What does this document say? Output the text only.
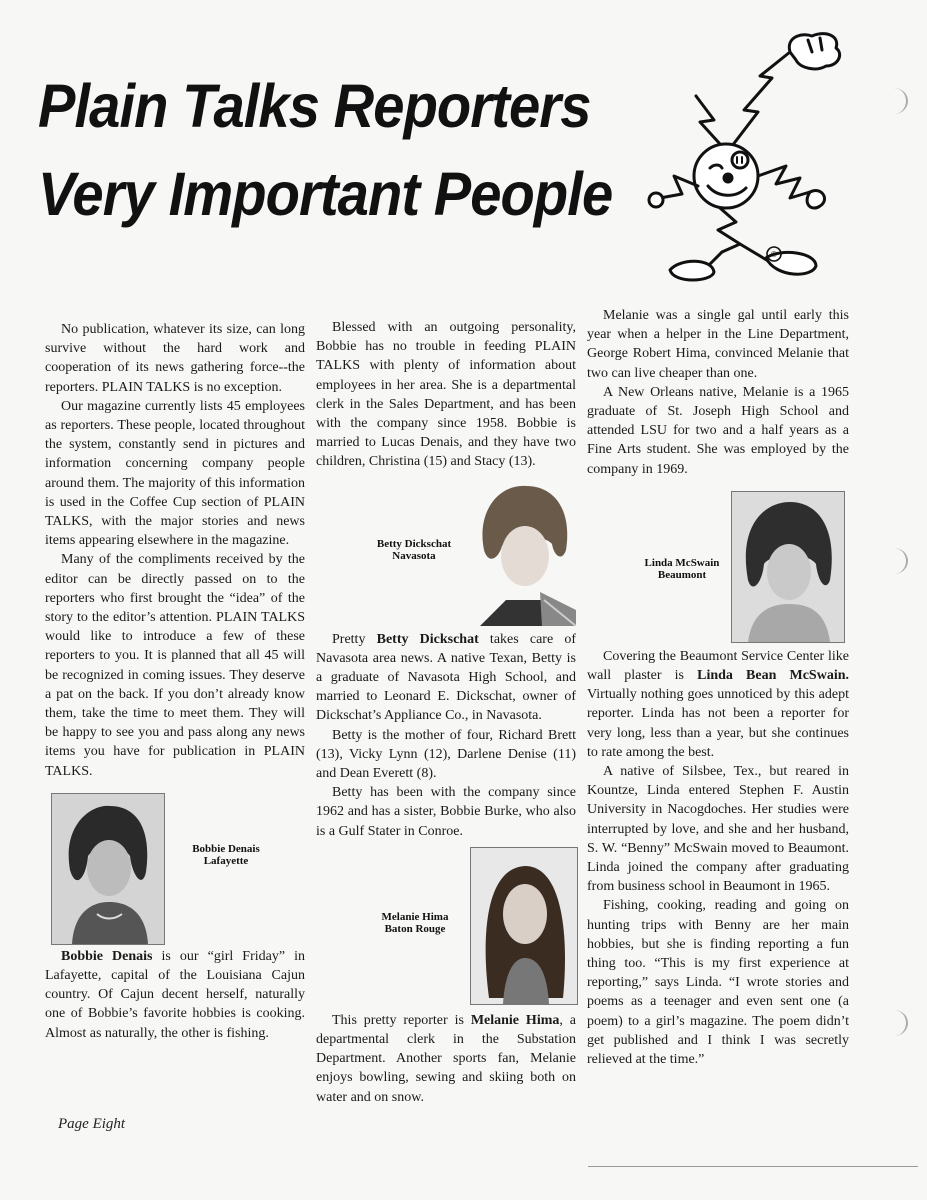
Plain Talks Reporters
Very Important People
®

No publication, whatever its size, can long survive without the hard work and cooperation of its news gathering force--the reporters. PLAIN TALKS is no exception.

Our magazine currently lists 45 employees as reporters. These people, located throughout the system, constantly send in pictures and information concerning company people around them. The majority of this information is used in the Coffee Cup section of PLAIN TALKS, with the major stories and news items appearing elsewhere in the magazine.

Many of the compliments received by the editor can be directly passed on to the reporters who first brought the “idea” of the story to the editor’s attention. PLAIN TALKS would like to introduce a few of these reporters to you. It is planned that all 45 will be recognized in coming issues. They deserve a pat on the back. If you don’t already know them, take the time to meet them. They will be happy to see you and pass along any news items you have for publication in PLAIN TALKS.

Bobbie Denais
Lafayette

Bobbie Denais is our “girl Friday” in Lafayette, capital of the Louisiana Cajun country. Of Cajun decent herself, naturally one of Bobbie’s favorite hobbies is cooking. Almost as naturally, the other is fishing.

Blessed with an outgoing personality, Bobbie has no trouble in feeding PLAIN TALKS with plenty of information about employees in her area. She is a departmental clerk in the Sales Department, and has been with the company since 1958. Bobbie is married to Lucas Denais, and they have two children, Christina (15) and Stacy (13).

Betty Dickschat
Navasota

Pretty Betty Dickschat takes care of Navasota area news. A native Texan, Betty is a graduate of Navasota High School, and married to Leonard E. Dickschat, owner of Dickschat’s Appliance Co., in Navasota.

Betty is the mother of four, Richard Brett (13), Vicky Lynn (12), Darlene Denise (11) and Dean Everett (8).

Betty has been with the company since 1962 and has a sister, Bobbie Burke, who also is a Gulf Stater in Conroe.

Melanie Hima
Baton Rouge

This pretty reporter is Melanie Hima, a departmental clerk in the Substation Department. Another sports fan, Melanie enjoys bowling, sewing and skiing both on water and on snow.

Melanie was a single gal until early this year when a helper in the Line Department, George Robert Hima, convinced Melanie that two can live cheaper than one.

A New Orleans native, Melanie is a 1965 graduate of St. Joseph High School and attended LSU for two and a half years as a Fine Arts student. She was employed by the company in 1969.

Linda McSwain
Beaumont

Covering the Beaumont Service Center like wall plaster is Linda Bean McSwain. Virtually nothing goes unnoticed by this adept reporter. Linda has not been a reporter for very long, less than a year, but she continues to rate among the best.

A native of Silsbee, Tex., but reared in Kountze, Linda entered Stephen F. Austin University in Nacogdoches. Her studies were interrupted by love, and she and her husband, S. W. “Benny” McSwain moved to Beaumont. Linda joined the company after graduating from business school in Beaumont in 1965.

Fishing, cooking, reading and going on hunting trips with Benny are her main hobbies, but she is finding reporting a fun thing too. “This is my first experience at reporting,” says Linda. “I wrote stories and poems as a teenager and even sent one (a poem) to a girl’s magazine. The poem didn’t get published and I think I was secretly relieved at the time.”

Page Eight
